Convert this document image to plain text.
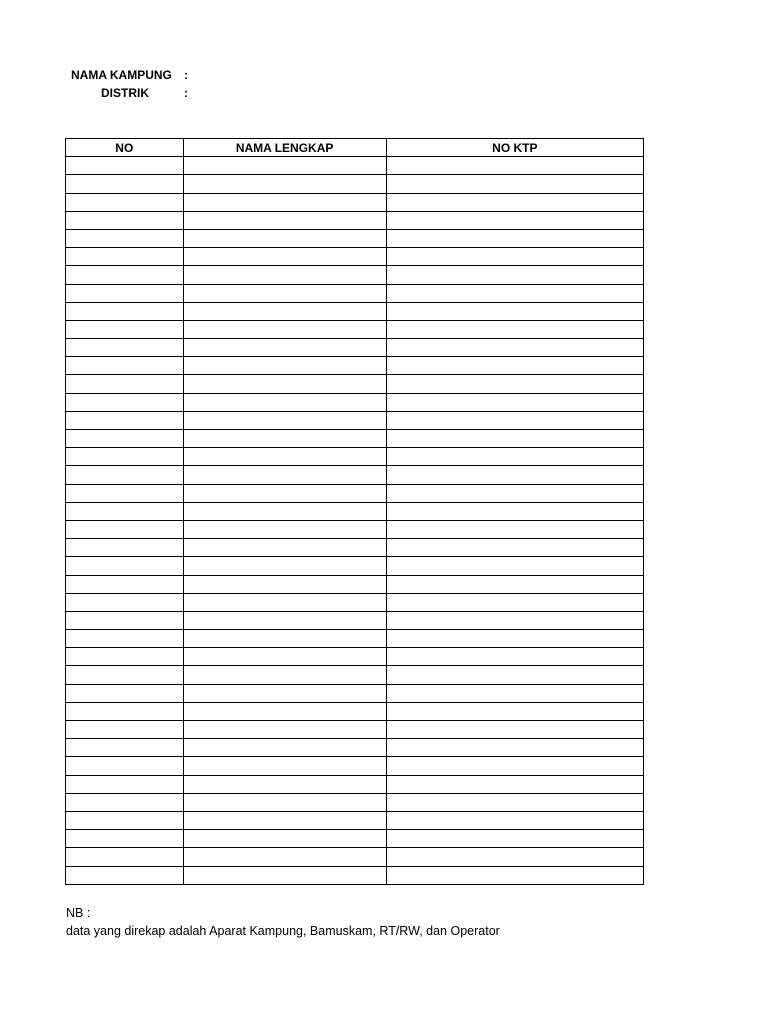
NAMA KAMPUNG :
DISTRIK	:
NO	NAMA LENGKAP	NO KTP

NB :
data yang direkap adalah Aparat Kampung, Bamuskam, RT/RW, dan Operator
